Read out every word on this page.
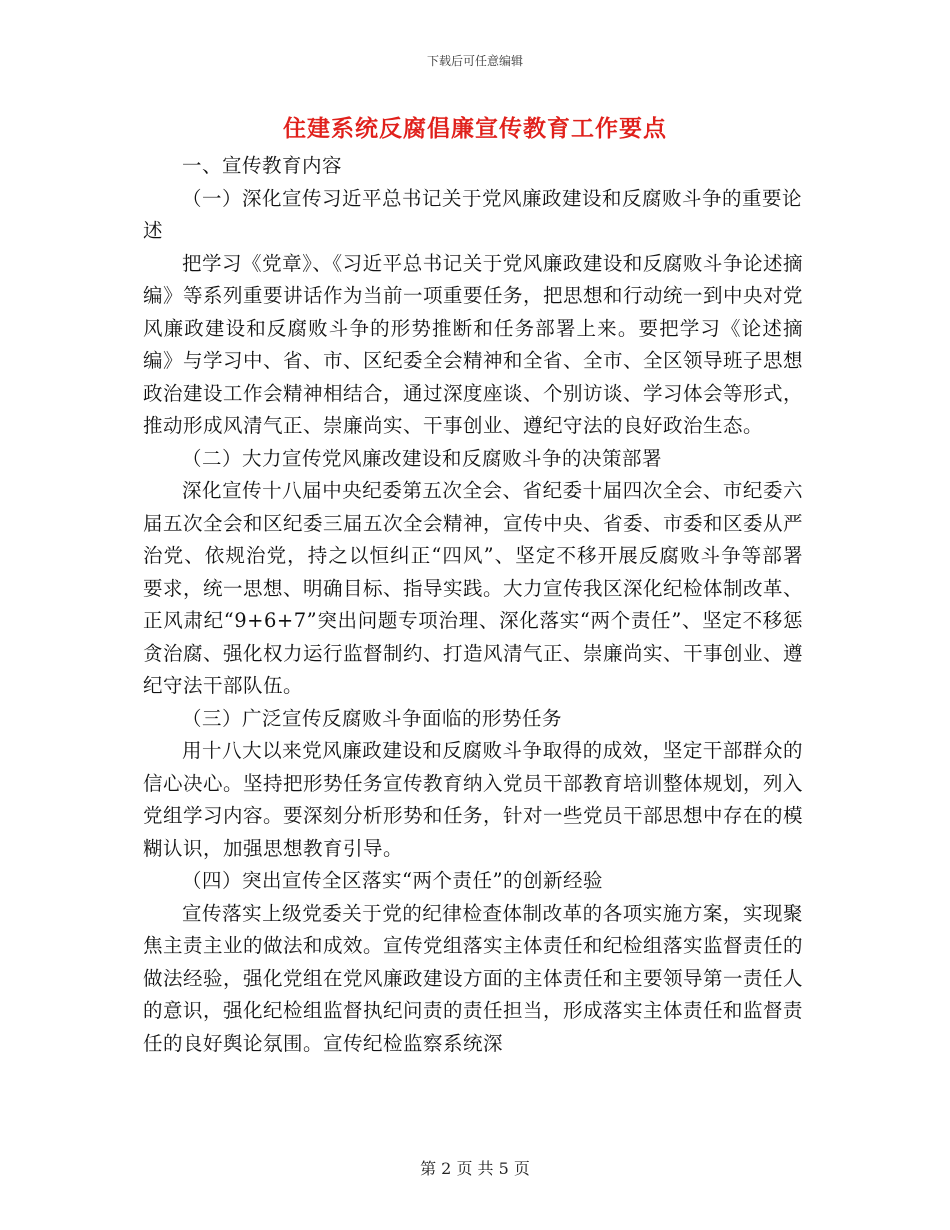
下载后可任意编辑
住建系统反腐倡廉宣传教育工作要点

一、宣传教育内容

（一）深化宣传习近平总书记关于党风廉政建设和反腐败斗争的重要论述

把学习《党章》、《习近平总书记关于党风廉政建设和反腐败斗争论述摘编》等系列重要讲话作为当前一项重要任务，把思想和行动统一到中央对党风廉政建设和反腐败斗争的形势推断和任务部署上来。要把学习《论述摘编》与学习中、省、市、区纪委全会精神和全省、全市、全区领导班子思想政治建设工作会精神相结合，通过深度座谈、个别访谈、学习体会等形式，推动形成风清气正、崇廉尚实、干事创业、遵纪守法的良好政治生态。

（二）大力宣传党风廉改建设和反腐败斗争的决策部署

深化宣传十八届中央纪委第五次全会、省纪委十届四次全会、市纪委六届五次全会和区纪委三届五次全会精神，宣传中央、省委、市委和区委从严治党、依规治党，持之以恒纠正“四风”、坚定不移开展反腐败斗争等部署要求，统一思想、明确目标、指导实践。大力宣传我区深化纪检体制改革、正风肃纪“9+6+7”突出问题专项治理、深化落实“两个责任”、坚定不移惩贪治腐、强化权力运行监督制约、打造风清气正、崇廉尚实、干事创业、遵纪守法干部队伍。

（三）广泛宣传反腐败斗争面临的形势任务

用十八大以来党风廉政建设和反腐败斗争取得的成效，坚定干部群众的信心决心。坚持把形势任务宣传教育纳入党员干部教育培训整体规划，列入党组学习内容。要深刻分析形势和任务，针对一些党员干部思想中存在的模糊认识，加强思想教育引导。

（四）突出宣传全区落实“两个责任”的创新经验

宣传落实上级党委关于党的纪律检查体制改革的各项实施方案，实现聚焦主责主业的做法和成效。宣传党组落实主体责任和纪检组落实监督责任的做法经验，强化党组在党风廉政建设方面的主体责任和主要领导第一责任人的意识，强化纪检组监督执纪问责的责任担当，形成落实主体责任和监督责任的良好舆论氛围。宣传纪检监察系统深

第 2 页 共 5 页
